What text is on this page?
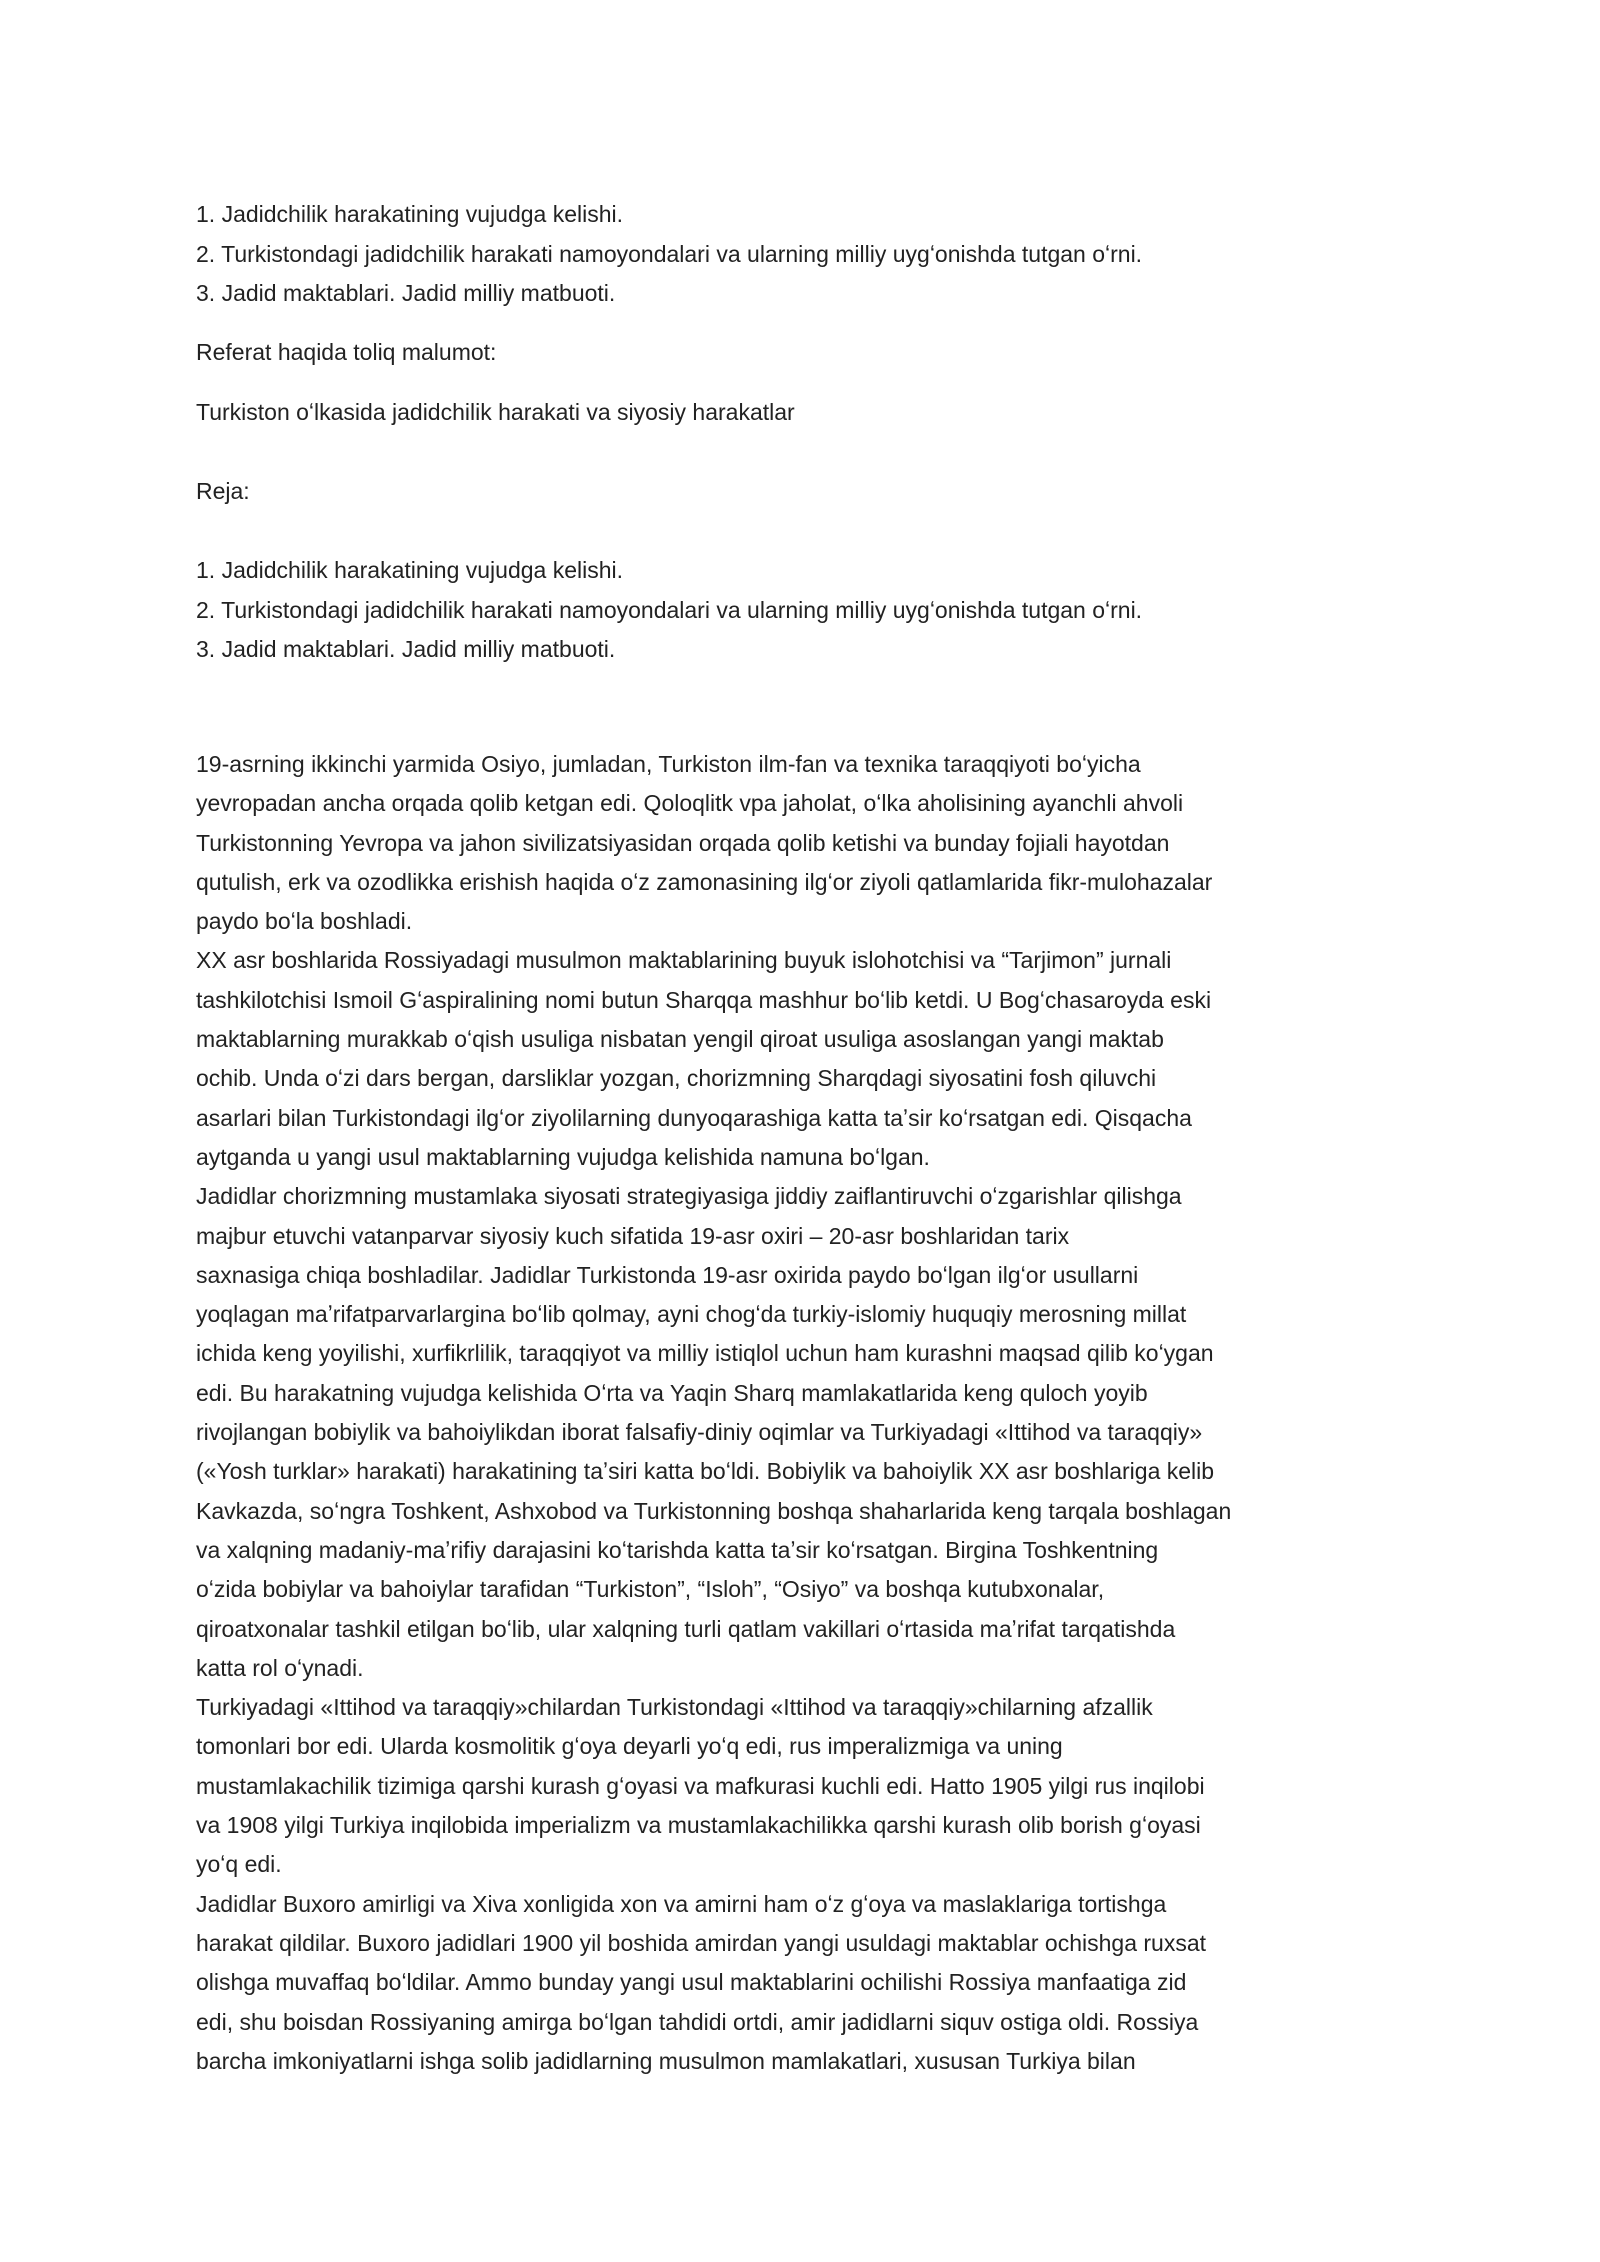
1. Jadidchilik harakatining vujudga kelishi.
2. Turkistondagi jadidchilik harakati namoyondalari va ularning milliy uygʻonishda tutgan oʻrni.
3. Jadid maktablari. Jadid milliy matbuoti.
Referat haqida toliq malumot:
Turkiston oʻlkasida jadidchilik harakati va siyosiy harakatlar
Reja:
1. Jadidchilik harakatining vujudga kelishi.
2. Turkistondagi jadidchilik harakati namoyondalari va ularning milliy uygʻonishda tutgan oʻrni.
3. Jadid maktablari. Jadid milliy matbuoti.
19-asrning ikkinchi yarmida Osiyo, jumladan, Turkiston ilm-fan va texnika taraqqiyoti boʻyicha
yevropadan ancha orqada qolib ketgan edi. Qoloqlitk vpa jaholat, oʻlka aholisining ayanchli ahvoli
Turkistonning Yevropa va jahon sivilizatsiyasidan orqada qolib ketishi va bunday fojiali hayotdan
qutulish, erk va ozodlikka erishish haqida oʻz zamonasining ilgʻor ziyoli qatlamlarida fikr-mulohazalar
paydo boʻla boshladi.
XX asr boshlarida Rossiyadagi musulmon maktablarining buyuk islohotchisi va “Tarjimon” jurnali
tashkilotchisi Ismoil Gʻaspiralining nomi butun Sharqqa mashhur boʻlib ketdi. U Bogʻchasaroyda eski
maktablarning murakkab oʻqish usuliga nisbatan yengil qiroat usuliga asoslangan yangi maktab
ochib. Unda oʻzi dars bergan, darsliklar yozgan, chorizmning Sharqdagi siyosatini fosh qiluvchi
asarlari bilan Turkistondagi ilgʻor ziyolilarning dunyoqarashiga katta taʼsir koʻrsatgan edi. Qisqacha
aytganda u yangi usul maktablarning vujudga kelishida namuna boʻlgan.
Jadidlar chorizmning mustamlaka siyosati strategiyasiga jiddiy zaiflantiruvchi oʻzgarishlar qilishga
majbur etuvchi vatanparvar siyosiy kuch sifatida 19-asr oxiri – 20-asr boshlaridan tarix
saxnasiga chiqa boshladilar. Jadidlar Turkistonda 19-asr oxirida paydo boʻlgan ilgʻor usullarni
yoqlagan maʼrifatparvarlargina boʻlib qolmay, ayni chogʻda turkiy-islomiy huquqiy merosning millat
ichida keng yoyilishi, xurfikrlilik, taraqqiyot va milliy istiqlol uchun ham kurashni maqsad qilib koʻygan
edi. Bu harakatning vujudga kelishida Oʻrta va Yaqin Sharq mamlakatlarida keng quloch yoyib
rivojlangan bobiylik va bahoiylikdan iborat falsafiy-diniy oqimlar va Turkiyadagi «Ittihod va taraqqiy»
(«Yosh turklar» harakati) harakatining taʼsiri katta boʻldi. Bobiylik va bahoiylik XX asr boshlariga kelib
Kavkazda, soʻngra Toshkent, Ashxobod va Turkistonning boshqa shaharlarida keng tarqala boshlagan
va xalqning madaniy-maʼrifiy darajasini koʻtarishda katta taʼsir koʻrsatgan. Birgina Toshkentning
oʻzida bobiylar va bahoiylar tarafidan “Turkiston”, “Isloh”, “Osiyo” va boshqa kutubxonalar,
qiroatxonalar tashkil etilgan boʻlib, ular xalqning turli qatlam vakillari oʻrtasida maʼrifat tarqatishda
katta rol oʻynadi.
Turkiyadagi «Ittihod va taraqqiy»chilardan Turkistondagi «Ittihod va taraqqiy»chilarning afzallik
tomonlari bor edi. Ularda kosmolitik gʻoya deyarli yoʻq edi, rus imperalizmiga va uning
mustamlakachilik tizimiga qarshi kurash gʻoyasi va mafkurasi kuchli edi. Hatto 1905 yilgi rus inqilobi
va 1908 yilgi Turkiya inqilobida imperializm va mustamlakachilikka qarshi kurash olib borish gʻoyasi
yoʻq edi.
Jadidlar Buxoro amirligi va Xiva xonligida xon va amirni ham oʻz gʻoya va maslaklariga tortishga
harakat qildilar. Buxoro jadidlari 1900 yil boshida amirdan yangi usuldagi maktablar ochishga ruxsat
olishga muvaffaq boʻldilar. Ammo bunday yangi usul maktablarini ochilishi Rossiya manfaatiga zid
edi, shu boisdan Rossiyaning amirga boʻlgan tahdidi ortdi, amir jadidlarni siquv ostiga oldi. Rossiya
barcha imkoniyatlarni ishga solib jadidlarning musulmon mamlakatlari, xususan Turkiya bilan
